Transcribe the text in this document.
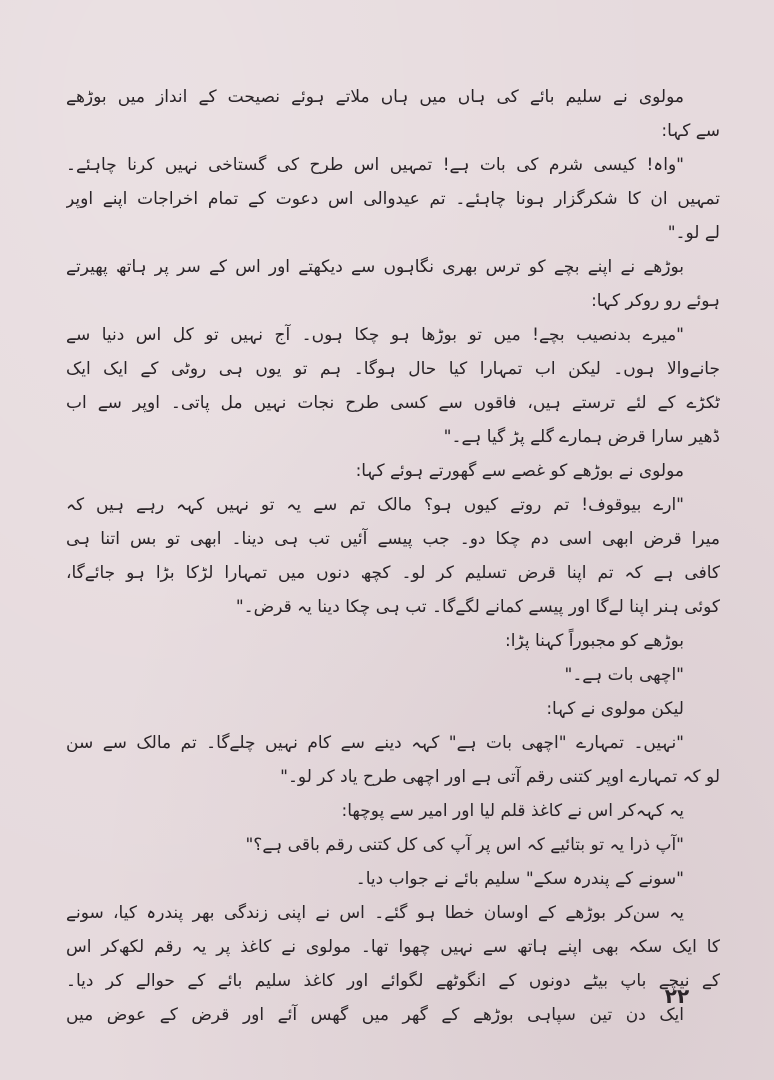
مولوی نے سلیم بائے کی ہاں میں ہاں ملاتے ہوئے نصیحت کے انداز میں بوڑھے
سے کہا:
"واہ! کیسی شرم کی بات ہے! تمہیں اس طرح کی گستاخی نہیں کرنا چاہئے۔
تمہیں ان کا شکرگزار ہونا چاہئے۔ تم عیدوالی اس دعوت کے تمام اخراجات اپنے اوپر
لے لو۔"
بوڑھے نے اپنے بچے کو ترس بھری نگاہوں سے دیکھتے اور اس کے سر پر ہاتھ پھیرتے
ہوئے رو روکر کہا:
"میرے بدنصیب بچے! میں تو بوڑھا ہو چکا ہوں۔ آج نہیں تو کل اس دنیا سے
جانےوالا ہوں۔ لیکن اب تمہارا کیا حال ہوگا۔ ہم تو یوں ہی روٹی کے ایک ایک
ٹکڑے کے لئے ترستے ہیں، فاقوں سے کسی طرح نجات نہیں مل پاتی۔ اوپر سے اب
ڈھیر سارا قرض ہمارے گلے پڑ گیا ہے۔"
مولوی نے بوڑھے کو غصے سے گھورتے ہوئے کہا:
"ارے بیوقوف! تم روتے کیوں ہو؟ مالک تم سے یہ تو نہیں کہہ رہے ہیں کہ
میرا قرض ابھی اسی دم چکا دو۔ جب پیسے آئیں تب ہی دینا۔ ابھی تو بس اتنا ہی
کافی ہے کہ تم اپنا قرض تسلیم کر لو۔ کچھ دنوں میں تمہارا لڑکا بڑا ہو جائےگا،
کوئی ہنر اپنا لےگا اور پیسے کمانے لگےگا۔ تب ہی چکا دینا یہ قرض۔"
بوڑھے کو مجبوراً کہنا پڑا:
"اچھی بات ہے۔"
لیکن مولوی نے کہا:
"نہیں۔ تمہارے "اچھی بات ہے" کہہ دینے سے کام نہیں چلےگا۔ تم مالک سے سن
لو کہ تمہارے اوپر کتنی رقم آتی ہے اور اچھی طرح یاد کر لو۔"
یہ کہہ‌کر اس نے کاغذ قلم لیا اور امیر سے پوچھا:
"آپ ذرا یہ تو بتائیے کہ اس پر آپ کی کل کتنی رقم باقی ہے؟"
"سونے کے پندرہ سکے" سلیم بائے نے جواب دیا۔
یہ سن‌کر بوڑھے کے اوسان خطا ہو گئے۔ اس نے اپنی زندگی بھر پندرہ کیا، سونے
کا ایک سکہ بھی اپنے ہاتھ سے نہیں چھوا تھا۔ مولوی نے کاغذ پر یہ رقم لکھ‌کر اس
کے نیچے باپ بیٹے دونوں کے انگوٹھے لگوائے اور کاغذ سلیم بائے کے حوالے کر دیا۔
ایک دن تین سپاہی بوڑھے کے گھر میں گھس آئے اور قرض کے عوض میں
۲۲
